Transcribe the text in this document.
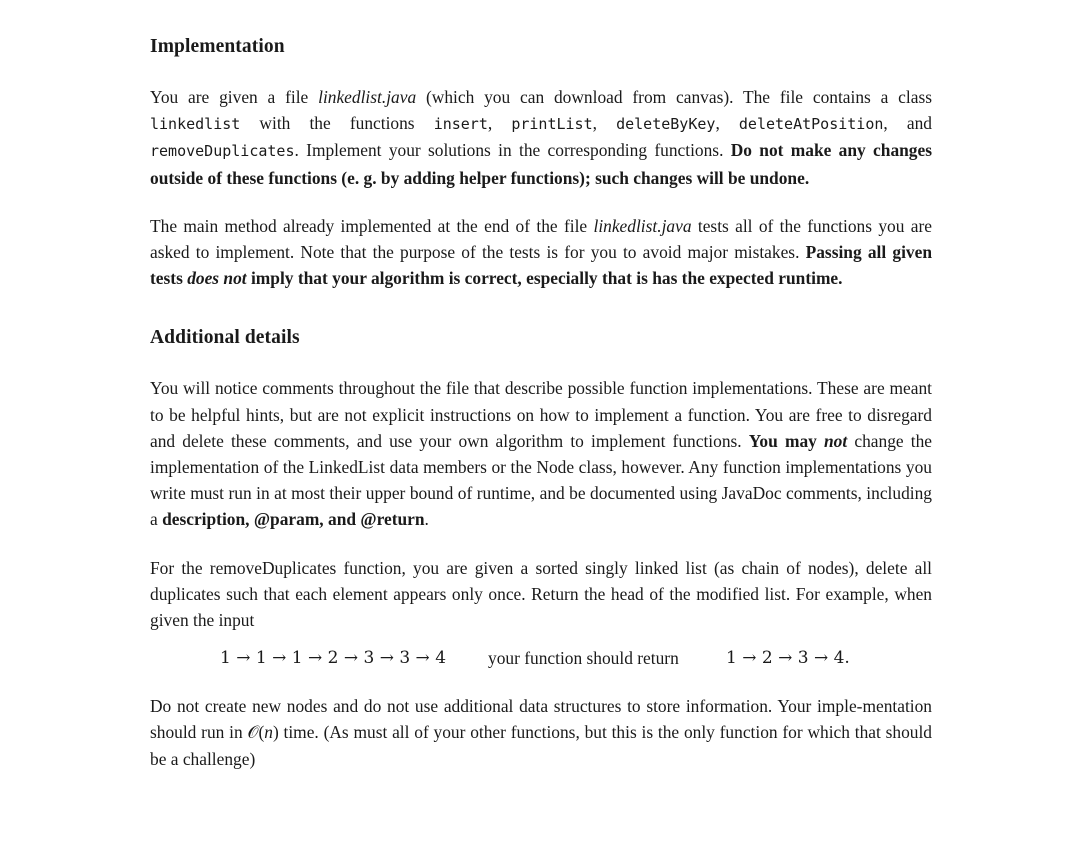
Implementation

You are given a file linkedlist.java (which you can download from canvas). The file contains a class linkedlist with the functions insert, printList, deleteByKey, deleteAtPosition, and removeDuplicates. Implement your solutions in the corresponding functions. Do not make any changes outside of these functions (e. g. by adding helper functions); such changes will be undone.

The main method already implemented at the end of the file linkedlist.java tests all of the functions you are asked to implement. Note that the purpose of the tests is for you to avoid major mistakes. Passing all given tests does not imply that your algorithm is correct, especially that is has the expected runtime.

Additional details

You will notice comments throughout the file that describe possible function implementations. These are meant to be helpful hints, but are not explicit instructions on how to implement a function. You are free to disregard and delete these comments, and use your own algorithm to implement functions. You may not change the implementation of the LinkedList data members or the Node class, however. Any function implementations you write must run in at most their upper bound of runtime, and be documented using JavaDoc comments, including a description, @param, and @return.

For the removeDuplicates function, you are given a sorted singly linked list (as chain of nodes), delete all duplicates such that each element appears only once. Return the head of the modified list. For example, when given the input

1 → 1 → 1 → 2 → 3 → 3 → 4 your function should return	1 → 2 → 3 → 4.

Do not create new nodes and do not use additional data structures to store information. Your imple-mentation should run in 𝒪(n) time. (As must all of your other functions, but this is the only function for which that should be a challenge)
